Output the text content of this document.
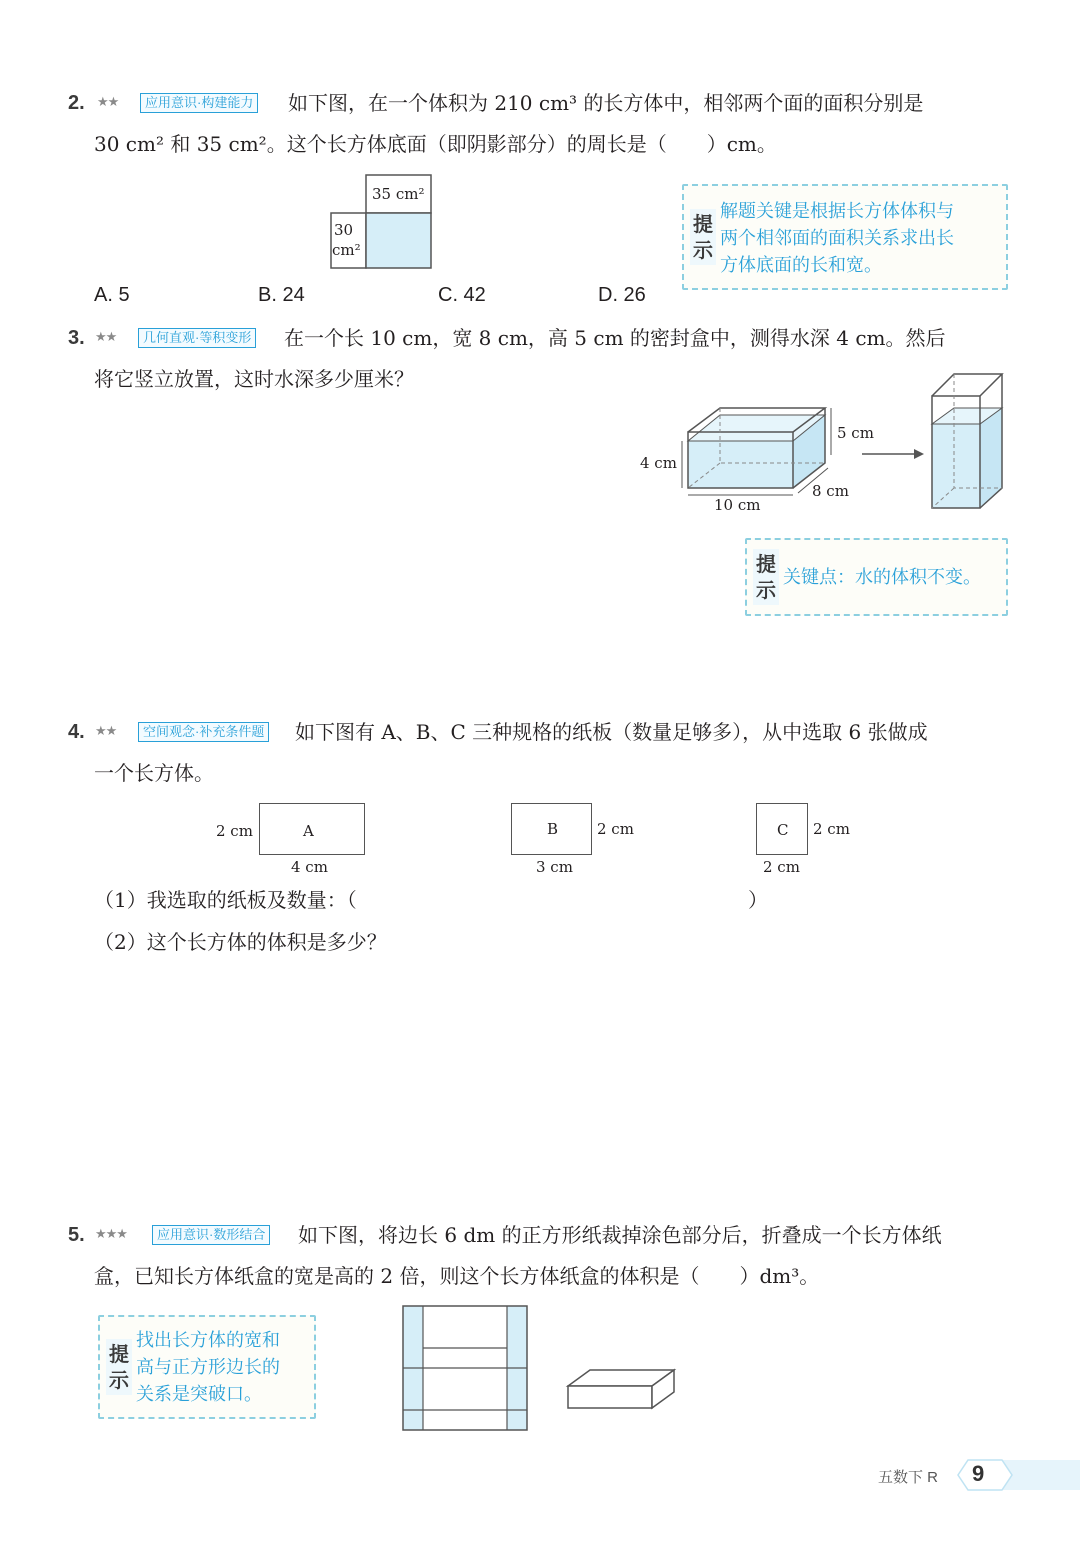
2. ★★	应用意识·构建能力 如下图，在一个体积为 210 cm³ 的长方体中，相邻两个面的面积分别是
30 cm² 和 35 cm²。这个长方体底面（即阴影部分）的周长是（　　）cm。
35 cm²
30
cm²
A. 5	B. 24	C. 42	D. 26
提示
解题关键是根据长方体体积与
两个相邻面的面积关系求出长
方体底面的长和宽。
3. ★★	几何直观·等积变形 在一个长 10 cm，宽 8 cm，高 5 cm 的密封盒中，测得水深 4 cm。然后
将它竖立放置，这时水深多少厘米？
4 cm
5 cm
8 cm
10 cm
提示
关键点：水的体积不变。
4. ★★	空间观念·补充条件题 如下图有 A、B、C 三种规格的纸板（数量足够多），从中选取 6 张做成
一个长方体。
A
2 cm
4 cm
B	2 cm
3 cm
C 2 cm
2 cm
（1）我选取的纸板及数量：（	）
（2）这个长方体的体积是多少？
5. ★★★	应用意识·数形结合 如下图，将边长 6 dm 的正方形纸裁掉涂色部分后，折叠成一个长方体纸
盒，已知长方体纸盒的宽是高的 2 倍，则这个长方体纸盒的体积是（　　）dm³。
提示
找出长方体的宽和
高与正方形边长的
关系是突破口。
五数下 R 9
